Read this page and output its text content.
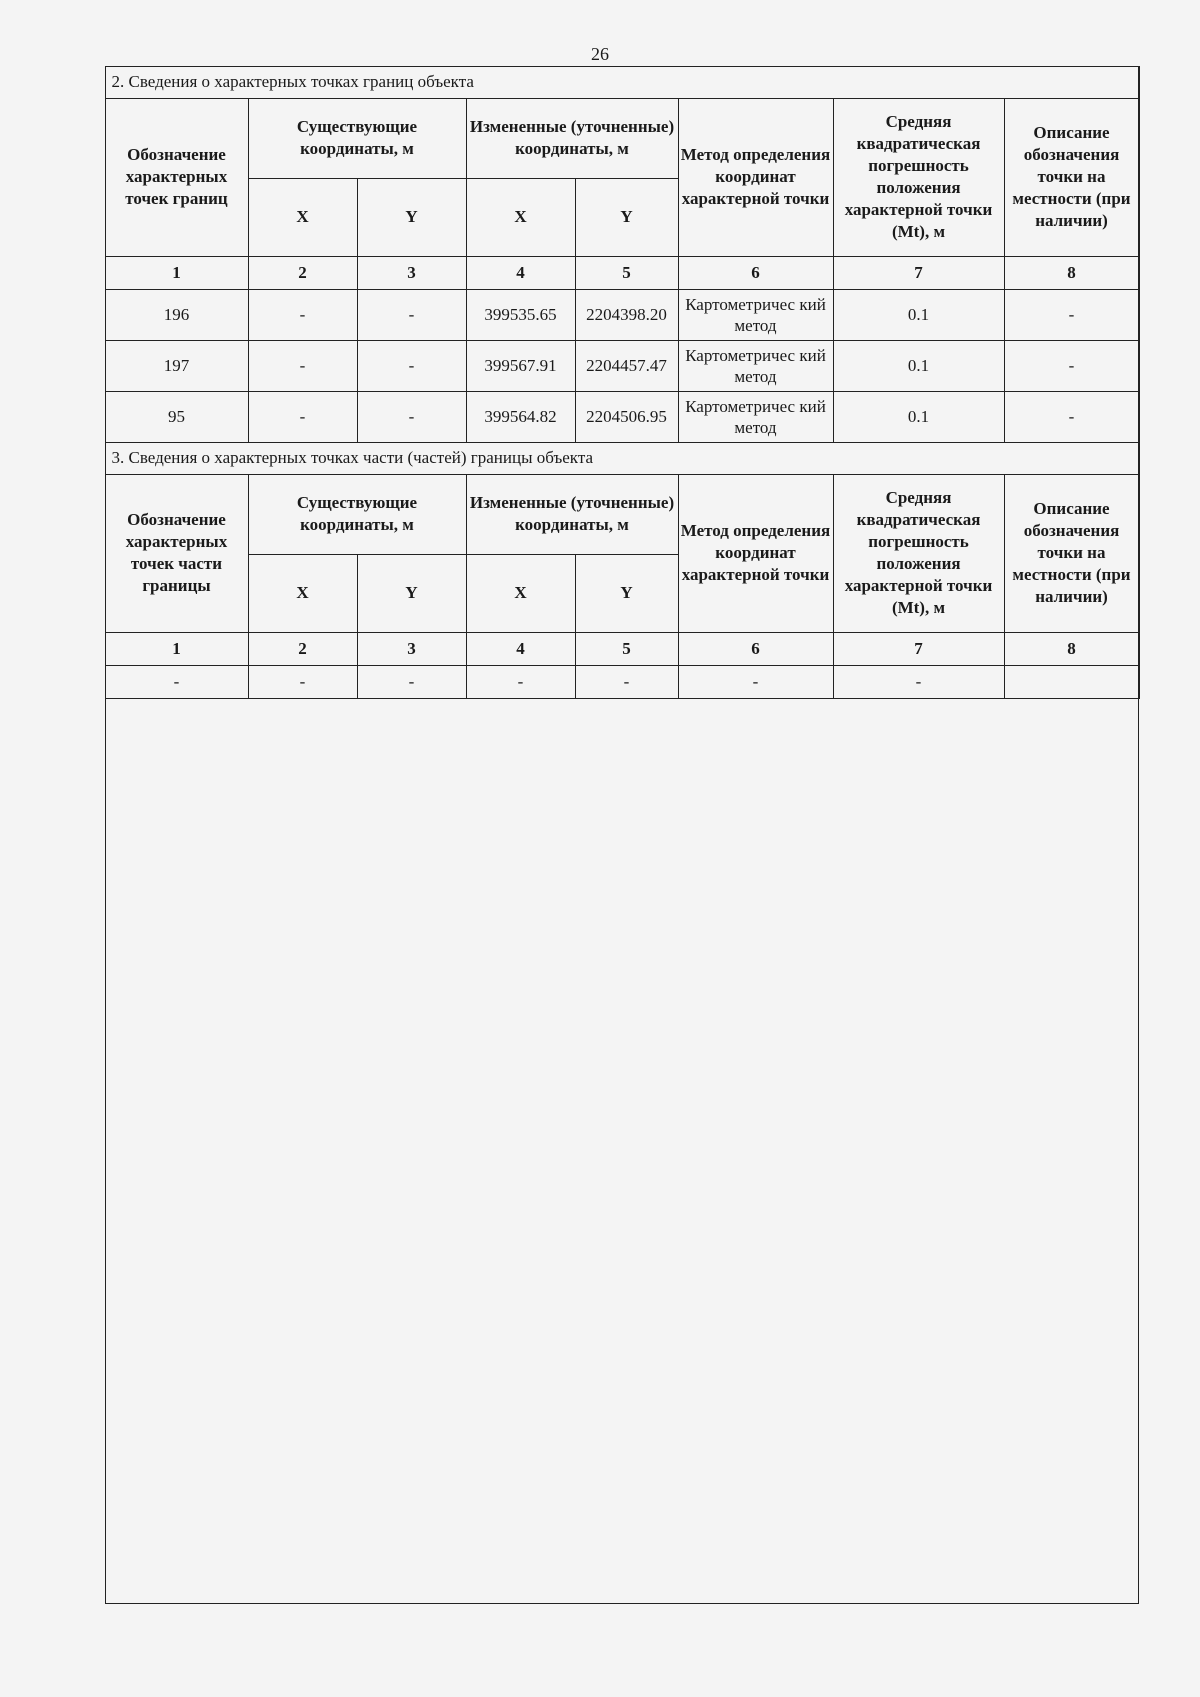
26
2. Сведения о характерных точках границ объекта							
Обозначение характерных точек границ	Существующие координаты, м		Измененные (уточненные) координаты, м		Метод определения координат характерной точки	Средняя квадратическая погрешность положения характерной точки (Mt), м	Описание обозначения точки на местности (при наличии)
	X	Y	X	Y			
1	2	3	4	5	6	7	8
196	-	-	399535.65	2204398.20	Картометричес кий метод	0.1	-
197	-	-	399567.91	2204457.47	Картометричес кий метод	0.1	-
95	-	-	399564.82	2204506.95	Картометричес кий метод	0.1	-
3. Сведения о характерных точках части (частей) границы объекта							
Обозначение характерных точек части границы	Существующие координаты, м		Измененные (уточненные) координаты, м		Метод определения координат характерной точки	Средняя квадратическая погрешность положения характерной точки (Mt), м	Описание обозначения точки на местности (при наличии)
	X	Y	X	Y			
1	2	3	4	5	6	7	8
-	-	-	-	-	-	-	
